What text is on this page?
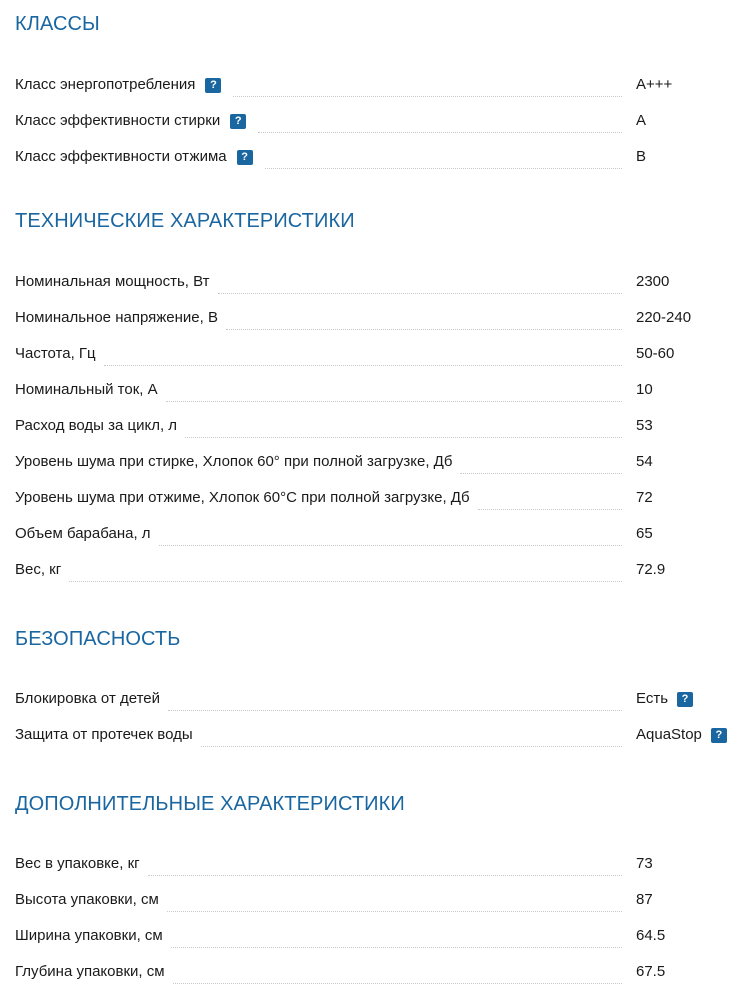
КЛАССЫ
Класс энергопотребления	?	A+++
Класс эффективности стирки	?	A
Класс эффективности отжима	?	B
ТЕХНИЧЕСКИЕ ХАРАКТЕРИСТИКИ
Номинальная мощность, Вт	2300
Номинальное напряжение, В	220-240
Частота, Гц	50-60
Номинальный ток, А	10
Расход воды за цикл, л	53
Уровень шума при стирке, Хлопок 60° при полной загрузке, Дб	54
Уровень шума при отжиме, Хлопок 60°C при полной загрузке, Дб	72
Объем барабана, л	65
Вес, кг	72.9
БЕЗОПАСНОСТЬ
Блокировка от детей	Есть	?
Защита от протечек воды	AquaStop	?
ДОПОЛНИТЕЛЬНЫЕ ХАРАКТЕРИСТИКИ
Вес в упаковке, кг	73
Высота упаковки, см	87
Ширина упаковки, см	64.5
Глубина упаковки, см	67.5
